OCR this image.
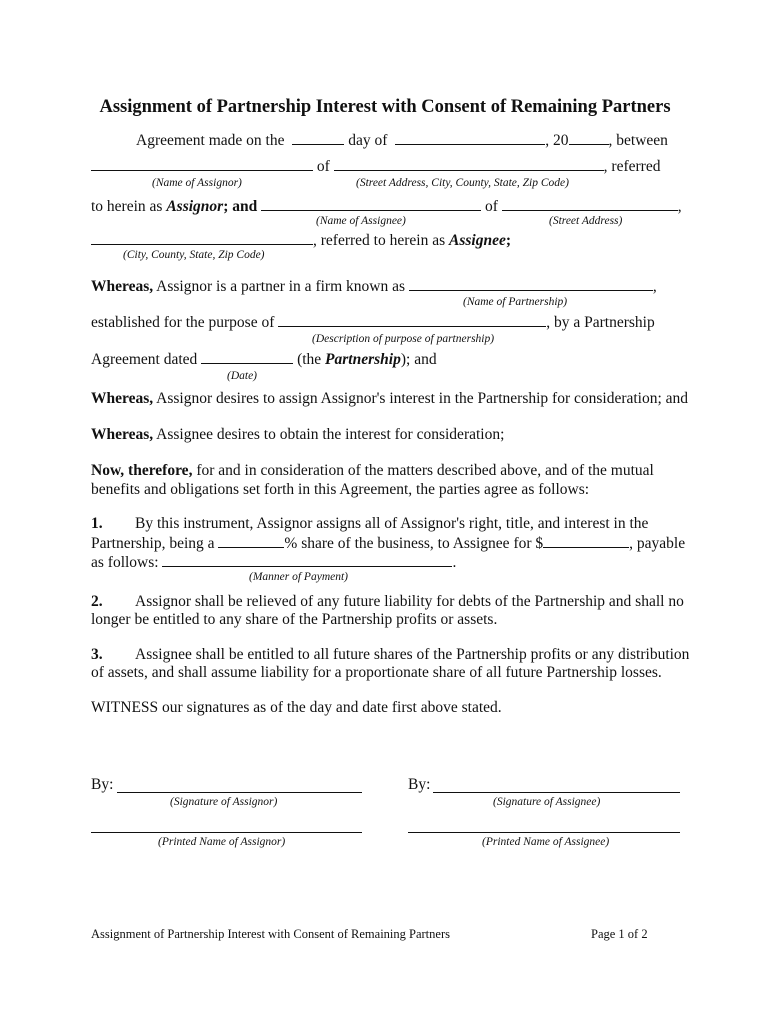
Assignment of Partnership Interest with Consent of Remaining Partners
Agreement made on the	day of	, 20	, between
of	, referred
(Name of Assignor)	(Street Address, City, County, State, Zip Code)
to herein as Assignor; and	of	,
(Name of Assignee)	(Street Address)
, referred to herein as Assignee;
(City, County, State, Zip Code)
Whereas, Assignor is a partner in a firm known as	,
(Name of Partnership)
established for the purpose of	, by a Partnership
(Description of purpose of partnership)
Agreement dated	(the Partnership); and
(Date)
Whereas, Assignor desires to assign Assignor's interest in the Partnership for consideration; and
Whereas, Assignee desires to obtain the interest for consideration;
Now, therefore, for and in consideration of the matters described above, and of the mutual
benefits and obligations set forth in this Agreement, the parties agree as follows:
1. By this instrument, Assignor assigns all of Assignor's right, title, and interest in the
Partnership, being a	% share of the business, to Assignee for $	, payable
as follows:	.
(Manner of Payment)
2. Assignor shall be relieved of any future liability for debts of the Partnership and shall no
longer be entitled to any share of the Partnership profits or assets.
3. Assignee shall be entitled to all future shares of the Partnership profits or any distribution
of assets, and shall assume liability for a proportionate share of all future Partnership losses.
WITNESS our signatures as of the day and date first above stated.
By:
(Signature of Assignor)
By:
(Signature of Assignee)
(Printed Name of Assignor)	(Printed Name of Assignee)
Assignment of Partnership Interest with Consent of Remaining Partners	Page 1 of 2
